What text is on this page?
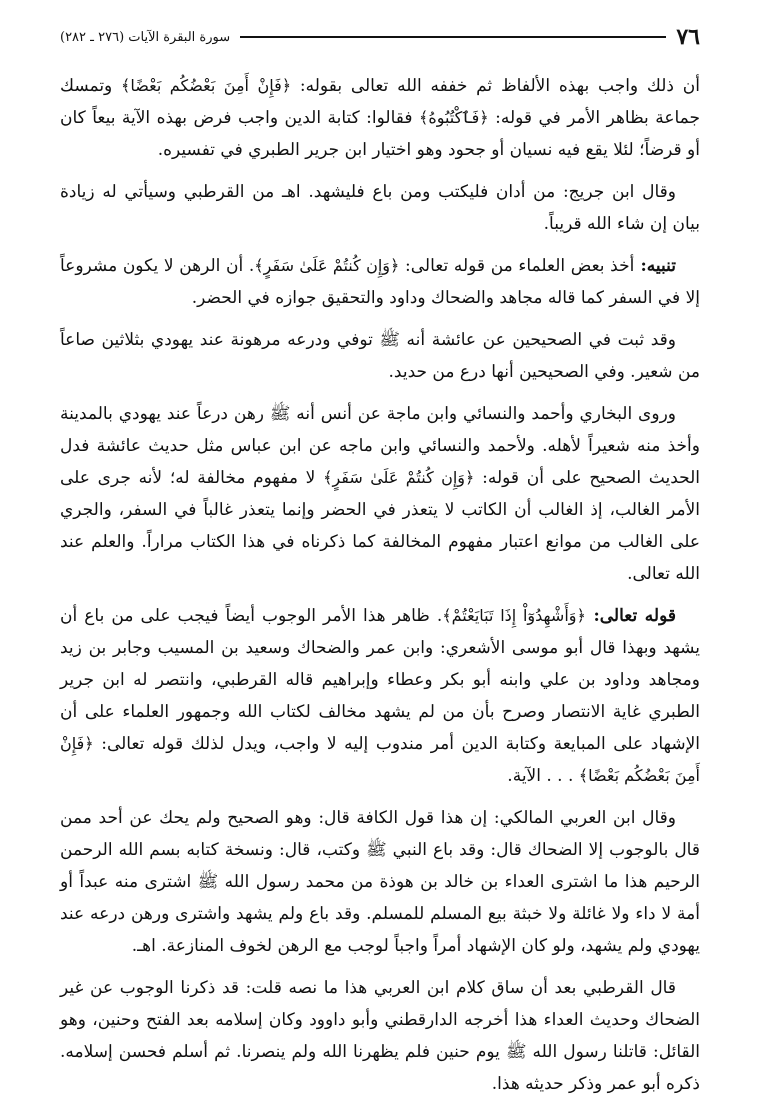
٧٦
سورة البقرة الآيات (٢٧٦ ـ ٢٨٢)

أن ذلك واجب بهذه الألفاظ ثم خففه الله تعالى بقوله: ﴿فَإِنْ أَمِنَ بَعْضُكُم بَعْضًا﴾ وتمسك جماعة بظاهر الأمر في قوله: ﴿فَٱكْتُبُوهُ﴾ فقالوا: كتابة الدين واجب فرض بهذه الآية بيعاً كان أو قرضاً؛ لئلا يقع فيه نسيان أو جحود وهو اختيار ابن جرير الطبري في تفسيره.

وقال ابن جريج: من أدان فليكتب ومن باع فليشهد. اهـ من القرطبي وسيأتي له زيادة بيان إن شاء الله قريباً.

تنبيه: أخذ بعض العلماء من قوله تعالى: ﴿وَإِن كُنتُمْ عَلَىٰ سَفَرٍ﴾. أن الرهن لا يكون مشروعاً إلا في السفر كما قاله مجاهد والضحاك وداود والتحقيق جوازه في الحضر.

وقد ثبت في الصحيحين عن عائشة أنه ﷺ توفي ودرعه مرهونة عند يهودي بثلاثين صاعاً من شعير. وفي الصحيحين أنها درع من حديد.

وروى البخاري وأحمد والنسائي وابن ماجة عن أنس أنه ﷺ رهن درعاً عند يهودي بالمدينة وأخذ منه شعيراً لأهله. ولأحمد والنسائي وابن ماجه عن ابن عباس مثل حديث عائشة فدل الحديث الصحيح على أن قوله: ﴿وَإِن كُنتُمْ عَلَىٰ سَفَرٍ﴾ لا مفهوم مخالفة له؛ لأنه جرى على الأمر الغالب، إذ الغالب أن الكاتب لا يتعذر في الحضر وإنما يتعذر غالباً في السفر، والجري على الغالب من موانع اعتبار مفهوم المخالفة كما ذكرناه في هذا الكتاب مراراً. والعلم عند الله تعالى.

قوله تعالى: ﴿وَأَشْهِدُوٓاْ إِذَا تَبَايَعْتُمْ﴾. ظاهر هذا الأمر الوجوب أيضاً فيجب على من باع أن يشهد وبهذا قال أبو موسى الأشعري: وابن عمر والضحاك وسعيد بن المسيب وجابر بن زيد ومجاهد وداود بن علي وابنه أبو بكر وعطاء وإبراهيم قاله القرطبي، وانتصر له ابن جرير الطبري غاية الانتصار وصرح بأن من لم يشهد مخالف لكتاب الله وجمهور العلماء على أن الإشهاد على المبايعة وكتابة الدين أمر مندوب إليه لا واجب، ويدل لذلك قوله تعالى: ﴿فَإِنْ أَمِنَ بَعْضُكُم بَعْضًا﴾ . . . الآية.

وقال ابن العربي المالكي: إن هذا قول الكافة قال: وهو الصحيح ولم يحك عن أحد ممن قال بالوجوب إلا الضحاك قال: وقد باع النبي ﷺ وكتب، قال: ونسخة كتابه بسم الله الرحمن الرحيم هذا ما اشترى العداء بن خالد بن هوذة من محمد رسول الله ﷺ اشترى منه عبداً أو أمة لا داء ولا غائلة ولا خبثة بيع المسلم للمسلم. وقد باع ولم يشهد واشترى ورهن درعه عند يهودي ولم يشهد، ولو كان الإشهاد أمراً واجباً لوجب مع الرهن لخوف المنازعة. اهـ.

قال القرطبي بعد أن ساق كلام ابن العربي هذا ما نصه قلت: قد ذكرنا الوجوب عن غير الضحاك وحديث العداء هذا أخرجه الدارقطني وأبو داوود وكان إسلامه بعد الفتح وحنين، وهو القائل: قاتلنا رسول الله ﷺ يوم حنين فلم يظهرنا الله ولم ينصرنا. ثم أسلم فحسن إسلامه. ذكره أبو عمر وذكر حديثه هذا.
